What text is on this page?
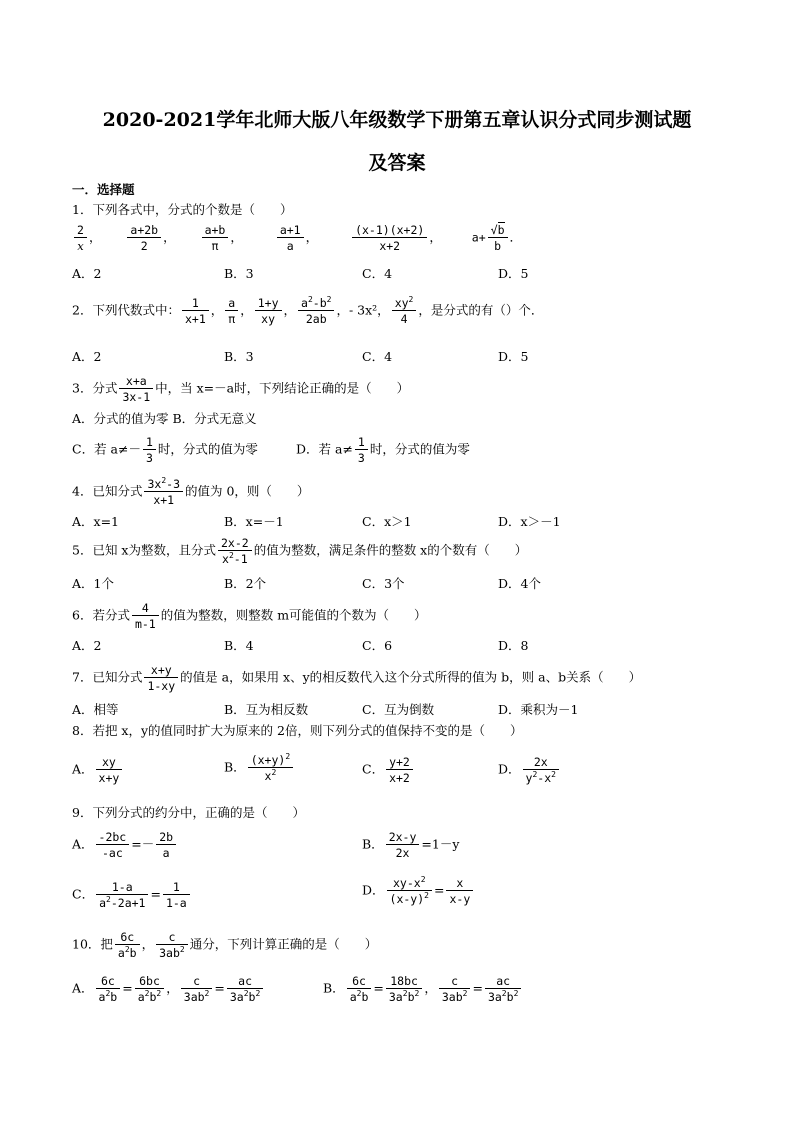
2020-2021学年北师大版八年级数学下册第五章认识分式同步测试题
及答案
一．选择题
1．下列各式中，分式的个数是（　　）
$\frac{2}{x}$ ， $\frac{a+2b}{2}$ ， $\frac{a+b}{\pi}$ ，	$\frac{a+1}{a}$ ，	$\frac{(x-1)(x+2)}{x+2}$ ，  $a+ \frac{√b}{b}$ ．
A．2	B．3	C．4	D．5
2．下列代数式中： $\frac{1}{x+1}$ ， $\frac{a}{\pi}$ ， $\frac{1+y}{xy}$ ， $\frac{a^2-b^2}{2ab}$ ，- 3x²， $\frac{xy^2}{4}$ ，是分式的有（）个．
A．2	B．3	C．4	D．5
3．分式 $\frac{x+a}{3x-1}$ 中，当 x=－a时，下列结论正确的是（　　）
A．分式的值为零 B．分式无意义
C．若 $a\ne- \frac{1}{3}$ 时，分式的值为零	D．若 $a\ne \frac{1}{3}$ 时，分式的值为零
4．已知分式 $\frac{3x^2-3}{x+1}$ 的值为 0，则（　　）
A．x=1	B．x=－1	C．x＞1	D．x＞－1
5．已知 x为整数，且分式 $\frac{2x-2}{x^2-1}$ 的值为整数，满足条件的整数 x的个数有（　　）
A．1个	B．2个	C．3个	D．4个
6．若分式 $\frac{4}{m-1}$ 的值为整数，则整数 m可能值的个数为（　　）
A．2	B．4	C．6	D．8
7．已知分式 $\frac{x+y}{1-xy}$ 的值是 a，如果用 x、y的相反数代入这个分式所得的值为 b，则 a、b关系（　　）
A．相等	B．互为相反数	C．互为倒数	D．乘积为－1
8．若把 x，y的值同时扩大为原来的 2倍，则下列分式的值保持不变的是（　　）
A． $\frac{xy}{x+y}$	B． $\frac{(x+y)^2}{x^2}$	C． $\frac{y+2}{x+2}$	D． $\frac{2x}{y^2-x^2}$
9．下列分式的约分中，正确的是（　　）
A． $\frac{-2bc}{-ac} =- \frac{2b}{a}$	B． $\frac{2x-y}{2x} =1-y$
C． $\frac{1-a}{a^2-2a+1} = \frac{1}{1-a}$	D． $\frac{xy-x^2}{(x-y)^2} = \frac{x}{x-y}$
10．把 $\frac{6c}{a^2b}$ ， $\frac{c}{3ab^2}$ 通分，下列计算正确的是（　　）
A． $\frac{6c}{a^2b} = \frac{6bc}{a^2b^2}$ ， $\frac{c}{3ab^2} = \frac{ac}{3a^2b^2}$	B． $\frac{6c}{a^2b} = \frac{18bc}{3a^2b^2}$ ， $\frac{c}{3ab^2} = \frac{ac}{3a^2b^2}$
